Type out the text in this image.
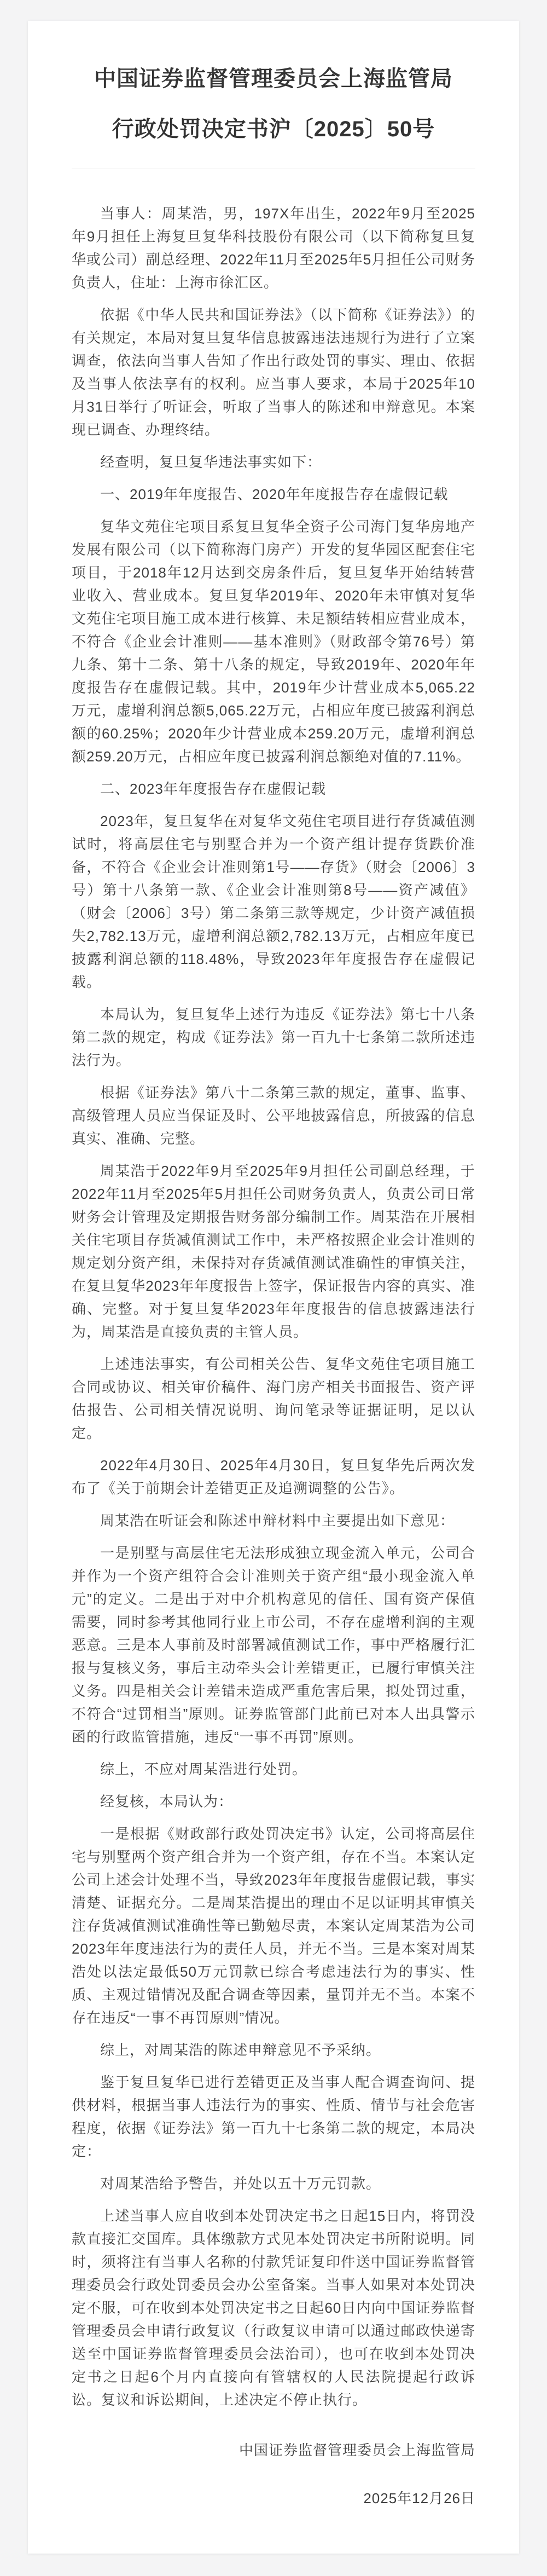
中国证券监督管理委员会上海监管局
行政处罚决定书沪〔2025〕50号

当事人：周某浩，男，197X年出生，2022年9月至2025年9月担任上海复旦复华科技股份有限公司（以下简称复旦复华或公司）副总经理、2022年11月至2025年5月担任公司财务负责人，住址：上海市徐汇区。

依据《中华人民共和国证券法》（以下简称《证券法》）的有关规定，本局对复旦复华信息披露违法违规行为进行了立案调查，依法向当事人告知了作出行政处罚的事实、理由、依据及当事人依法享有的权利。应当事人要求，本局于2025年10月31日举行了听证会，听取了当事人的陈述和申辩意见。本案现已调查、办理终结。

经查明，复旦复华违法事实如下：

一、2019年年度报告、2020年年度报告存在虚假记载

复华文苑住宅项目系复旦复华全资子公司海门复华房地产发展有限公司（以下简称海门房产）开发的复华园区配套住宅项目，于2018年12月达到交房条件后，复旦复华开始结转营业收入、营业成本。复旦复华2019年、2020年未审慎对复华文苑住宅项目施工成本进行核算、未足额结转相应营业成本，不符合《企业会计准则——基本准则》（财政部令第76号）第九条、第十二条、第十八条的规定，导致2019年、2020年年度报告存在虚假记载。其中，2019年少计营业成本5,065.22万元，虚增利润总额5,065.22万元，占相应年度已披露利润总额的60.25%；2020年少计营业成本259.20万元，虚增利润总额259.20万元，占相应年度已披露利润总额绝对值的7.11%。

二、2023年年度报告存在虚假记载

2023年，复旦复华在对复华文苑住宅项目进行存货减值测试时，将高层住宅与别墅合并为一个资产组计提存货跌价准备，不符合《企业会计准则第1号——存货》（财会〔2006〕3号）第十八条第一款、《企业会计准则第8号——资产减值》（财会〔2006〕3号）第二条第三款等规定，少计资产减值损失2,782.13万元，虚增利润总额2,782.13万元，占相应年度已披露利润总额的118.48%，导致2023年年度报告存在虚假记载。

本局认为，复旦复华上述行为违反《证券法》第七十八条第二款的规定，构成《证券法》第一百九十七条第二款所述违法行为。

根据《证券法》第八十二条第三款的规定，董事、监事、高级管理人员应当保证及时、公平地披露信息，所披露的信息真实、准确、完整。

周某浩于2022年9月至2025年9月担任公司副总经理，于2022年11月至2025年5月担任公司财务负责人，负责公司日常财务会计管理及定期报告财务部分编制工作。周某浩在开展相关住宅项目存货减值测试工作中，未严格按照企业会计准则的规定划分资产组，未保持对存货减值测试准确性的审慎关注，在复旦复华2023年年度报告上签字，保证报告内容的真实、准确、完整。对于复旦复华2023年年度报告的信息披露违法行为，周某浩是直接负责的主管人员。

上述违法事实，有公司相关公告、复华文苑住宅项目施工合同或协议、相关审价稿件、海门房产相关书面报告、资产评估报告、公司相关情况说明、询问笔录等证据证明，足以认定。

2022年4月30日、2025年4月30日，复旦复华先后两次发布了《关于前期会计差错更正及追溯调整的公告》。

周某浩在听证会和陈述申辩材料中主要提出如下意见：

一是别墅与高层住宅无法形成独立现金流入单元，公司合并作为一个资产组符合会计准则关于资产组“最小现金流入单元”的定义。二是出于对中介机构意见的信任、国有资产保值需要，同时参考其他同行业上市公司，不存在虚增利润的主观恶意。三是本人事前及时部署减值测试工作，事中严格履行汇报与复核义务，事后主动牵头会计差错更正，已履行审慎关注义务。四是相关会计差错未造成严重危害后果，拟处罚过重，不符合“过罚相当”原则。证券监管部门此前已对本人出具警示函的行政监管措施，违反“一事不再罚”原则。

综上，不应对周某浩进行处罚。

经复核，本局认为：

一是根据《财政部行政处罚决定书》认定，公司将高层住宅与别墅两个资产组合并为一个资产组，存在不当。本案认定公司上述会计处理不当，导致2023年年度报告虚假记载，事实清楚、证据充分。二是周某浩提出的理由不足以证明其审慎关注存货减值测试准确性等已勤勉尽责，本案认定周某浩为公司2023年年度违法行为的责任人员，并无不当。三是本案对周某浩处以法定最低50万元罚款已综合考虑违法行为的事实、性质、主观过错情况及配合调查等因素，量罚并无不当。本案不存在违反“一事不再罚原则”情况。

综上，对周某浩的陈述申辩意见不予采纳。

鉴于复旦复华已进行差错更正及当事人配合调查询问、提供材料，根据当事人违法行为的事实、性质、情节与社会危害程度，依据《证券法》第一百九十七条第二款的规定，本局决定：

对周某浩给予警告，并处以五十万元罚款。

上述当事人应自收到本处罚决定书之日起15日内，将罚没款直接汇交国库。具体缴款方式见本处罚决定书所附说明。同时，须将注有当事人名称的付款凭证复印件送中国证券监督管理委员会行政处罚委员会办公室备案。当事人如果对本处罚决定不服，可在收到本处罚决定书之日起60日内向中国证券监督管理委员会申请行政复议（行政复议申请可以通过邮政快递寄送至中国证券监督管理委员会法治司），也可在收到本处罚决定书之日起6个月内直接向有管辖权的人民法院提起行政诉讼。复议和诉讼期间，上述决定不停止执行。

中国证券监督管理委员会上海监管局
2025年12月26日
